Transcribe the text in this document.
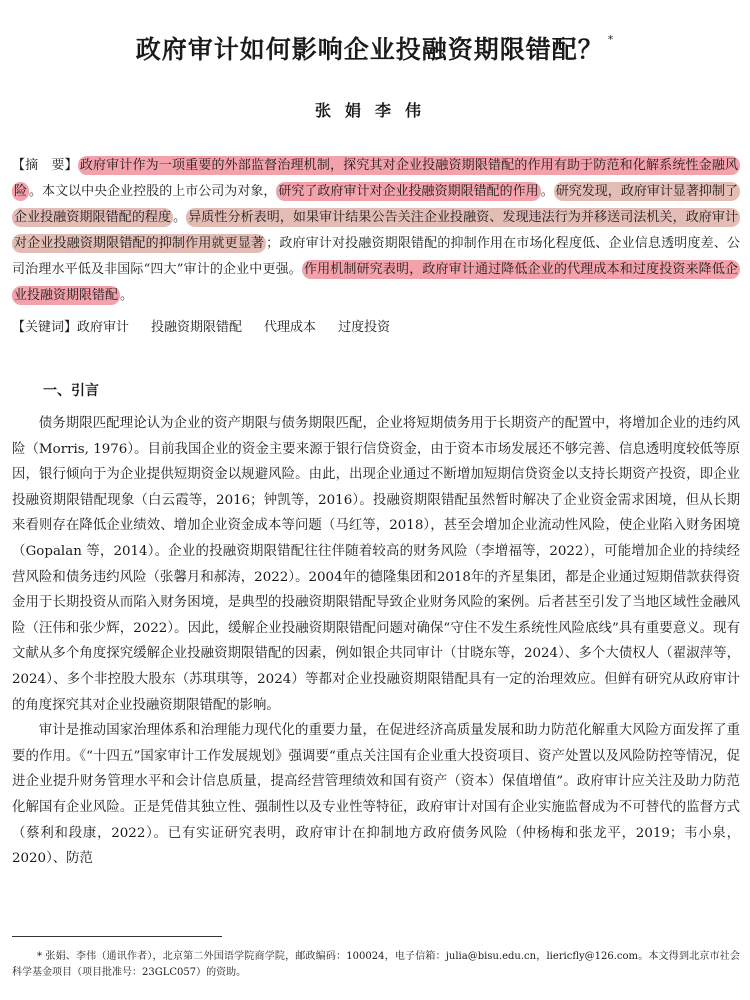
政府审计如何影响企业投融资期限错配？ *
张娟李伟
【摘　要】 政府审计作为一项重要的外部监督治理机制，探究其对企业投融资期限错配的作用有助于防范和化解系统性金融风险 。本文以中央企业控股的上市公司为对象， 研究了政府审计对企业投融资期限错配的作用 。 研究发现，政府审计显著抑制了企业投融资期限错配的程度 。 异质性分析表明，如果审计结果公告关注企业投融资、发现违法行为并移送司法机关，政府审计对企业投融资期限错配的抑制作用就更显著 ；政府审计对投融资期限错配的抑制作用在市场化程度低、企业信息透明度差、公司治理水平低及非国际“四大”审计的企业中更强。 作用机制研究表明，政府审计通过降低企业的代理成本和过度投资来降低企业投融资期限错配 。
【关键词】政府审计 投融资期限错配 代理成本 过度投资
一、引言

债务期限匹配理论认为企业的资产期限与债务期限匹配，企业将短期债务用于长期资产的配置中，将增加企业的违约风险（Morris, 1976）。目前我国企业的资金主要来源于银行信贷资金，由于资本市场发展还不够完善、信息透明度较低等原因，银行倾向于为企业提供短期资金以规避风险。由此，出现企业通过不断增加短期信贷资金以支持长期资产投资，即企业投融资期限错配现象（白云霞等，2016；钟凯等，2016）。投融资期限错配虽然暂时解决了企业资金需求困境，但从长期来看则存在降低企业绩效、增加企业资金成本等问题（马红等，2018），甚至会增加企业流动性风险，使企业陷入财务困境（Gopalan 等，2014）。企业的投融资期限错配往往伴随着较高的财务风险（李增福等，2022），可能增加企业的持续经营风险和债务违约风险（张馨月和郝涛，2022）。2004年的德隆集团和2018年的齐星集团，都是企业通过短期借款获得资金用于长期投资从而陷入财务困境，是典型的投融资期限错配导致企业财务风险的案例。后者甚至引发了当地区域性金融风险（汪伟和张少辉，2022）。因此，缓解企业投融资期限错配问题对确保“守住不发生系统性风险底线”具有重要意义。现有文献从多个角度探究缓解企业投融资期限错配的因素，例如银企共同审计（甘晓东等，2024）、多个大债权人（翟淑萍等，2024）、多个非控股大股东（苏琪琪等，2024）等都对企业投融资期限错配具有一定的治理效应。但鲜有研究从政府审计的角度探究其对企业投融资期限错配的影响。

审计是推动国家治理体系和治理能力现代化的重要力量，在促进经济高质量发展和助力防范化解重大风险方面发挥了重要的作用。《“十四五”国家审计工作发展规划》强调要“重点关注国有企业重大投资项目、资产处置以及风险防控等情况，促进企业提升财务管理水平和会计信息质量，提高经营管理绩效和国有资产（资本）保值增值”。政府审计应关注及助力防范化解国有企业风险。正是凭借其独立性、强制性以及专业性等特征，政府审计对国有企业实施监督成为不可替代的监督方式（蔡利和段康，2022）。已有实证研究表明，政府审计在抑制地方政府债务风险（仲杨梅和张龙平，2019；韦小泉，2020）、防范

* 张娟、李伟（通讯作者），北京第二外国语学院商学院，邮政编码：100024，电子信箱：julia@bisu.edu.cn，liericfly@126.com。本文得到北京市社会科学基金项目（项目批准号：23GLC057）的资助。
